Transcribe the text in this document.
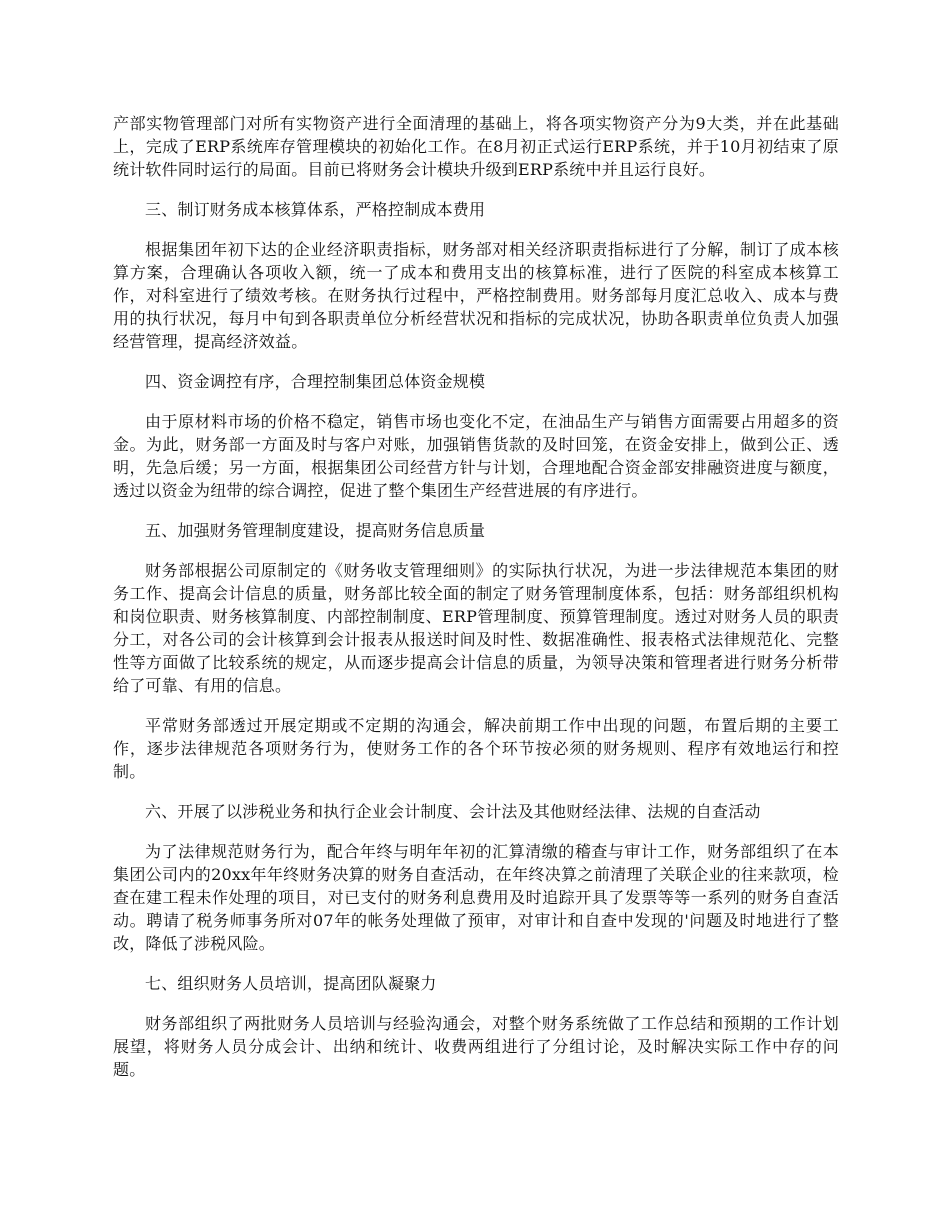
产部实物管理部门对所有实物资产进行全面清理的基础上，将各项实物资产分为9大类，并在此基础上，完成了ERP系统库存管理模块的初始化工作。在8月初正式运行ERP系统，并于10月初结束了原统计软件同时运行的局面。目前已将财务会计模块升级到ERP系统中并且运行良好。

三、制订财务成本核算体系，严格控制成本费用

根据集团年初下达的企业经济职责指标，财务部对相关经济职责指标进行了分解，制订了成本核算方案，合理确认各项收入额，统一了成本和费用支出的核算标准，进行了医院的科室成本核算工作，对科室进行了绩效考核。在财务执行过程中，严格控制费用。财务部每月度汇总收入、成本与费用的执行状况，每月中旬到各职责单位分析经营状况和指标的完成状况，协助各职责单位负责人加强经营管理，提高经济效益。

四、资金调控有序，合理控制集团总体资金规模

由于原材料市场的价格不稳定，销售市场也变化不定，在油品生产与销售方面需要占用超多的资金。为此，财务部一方面及时与客户对账，加强销售货款的及时回笼，在资金安排上，做到公正、透明，先急后缓；另一方面，根据集团公司经营方针与计划，合理地配合资金部安排融资进度与额度，透过以资金为纽带的综合调控，促进了整个集团生产经营进展的有序进行。

五、加强财务管理制度建设，提高财务信息质量

财务部根据公司原制定的《财务收支管理细则》的实际执行状况，为进一步法律规范本集团的财务工作、提高会计信息的质量，财务部比较全面的制定了财务管理制度体系，包括：财务部组织机构和岗位职责、财务核算制度、内部控制制度、ERP管理制度、预算管理制度。透过对财务人员的职责分工，对各公司的会计核算到会计报表从报送时间及时性、数据准确性、报表格式法律规范化、完整性等方面做了比较系统的规定，从而逐步提高会计信息的质量，为领导决策和管理者进行财务分析带给了可靠、有用的信息。

平常财务部透过开展定期或不定期的沟通会，解决前期工作中出现的问题，布置后期的主要工作，逐步法律规范各项财务行为，使财务工作的各个环节按必须的财务规则、程序有效地运行和控制。

六、开展了以涉税业务和执行企业会计制度、会计法及其他财经法律、法规的自查活动

为了法律规范财务行为，配合年终与明年年初的汇算清缴的稽查与审计工作，财务部组织了在本集团公司内的20xx年年终财务决算的财务自查活动，在年终决算之前清理了关联企业的往来款项，检查在建工程未作处理的项目，对已支付的财务利息费用及时追踪开具了发票等等一系列的财务自查活动。聘请了税务师事务所对07年的帐务处理做了预审，对审计和自查中发现的'问题及时地进行了整改，降低了涉税风险。

七、组织财务人员培训，提高团队凝聚力

财务部组织了两批财务人员培训与经验沟通会，对整个财务系统做了工作总结和预期的工作计划展望，将财务人员分成会计、出纳和统计、收费两组进行了分组讨论，及时解决实际工作中存的问题。
